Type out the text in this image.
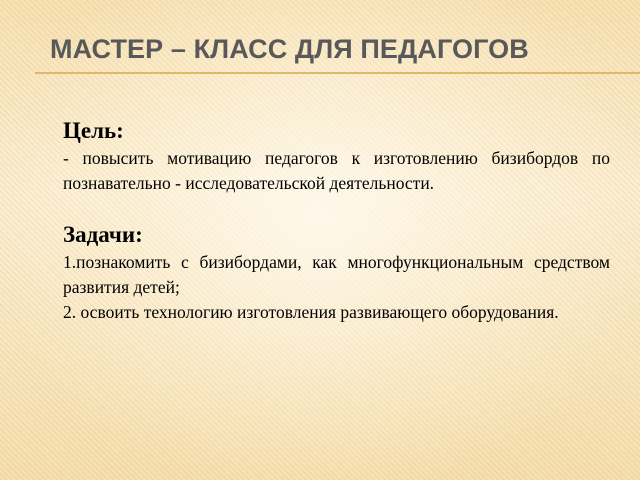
МАСТЕР – КЛАСС ДЛЯ ПЕДАГОГОВ

Цель:

- повысить мотивацию педагогов к изготовлению бизибордов по познавательно - исследовательской деятельности.

Задачи:

1.познакомить с бизибордами, как многофункциональным средством развития детей;

2. освоить технологию изготовления развивающего оборудования.
